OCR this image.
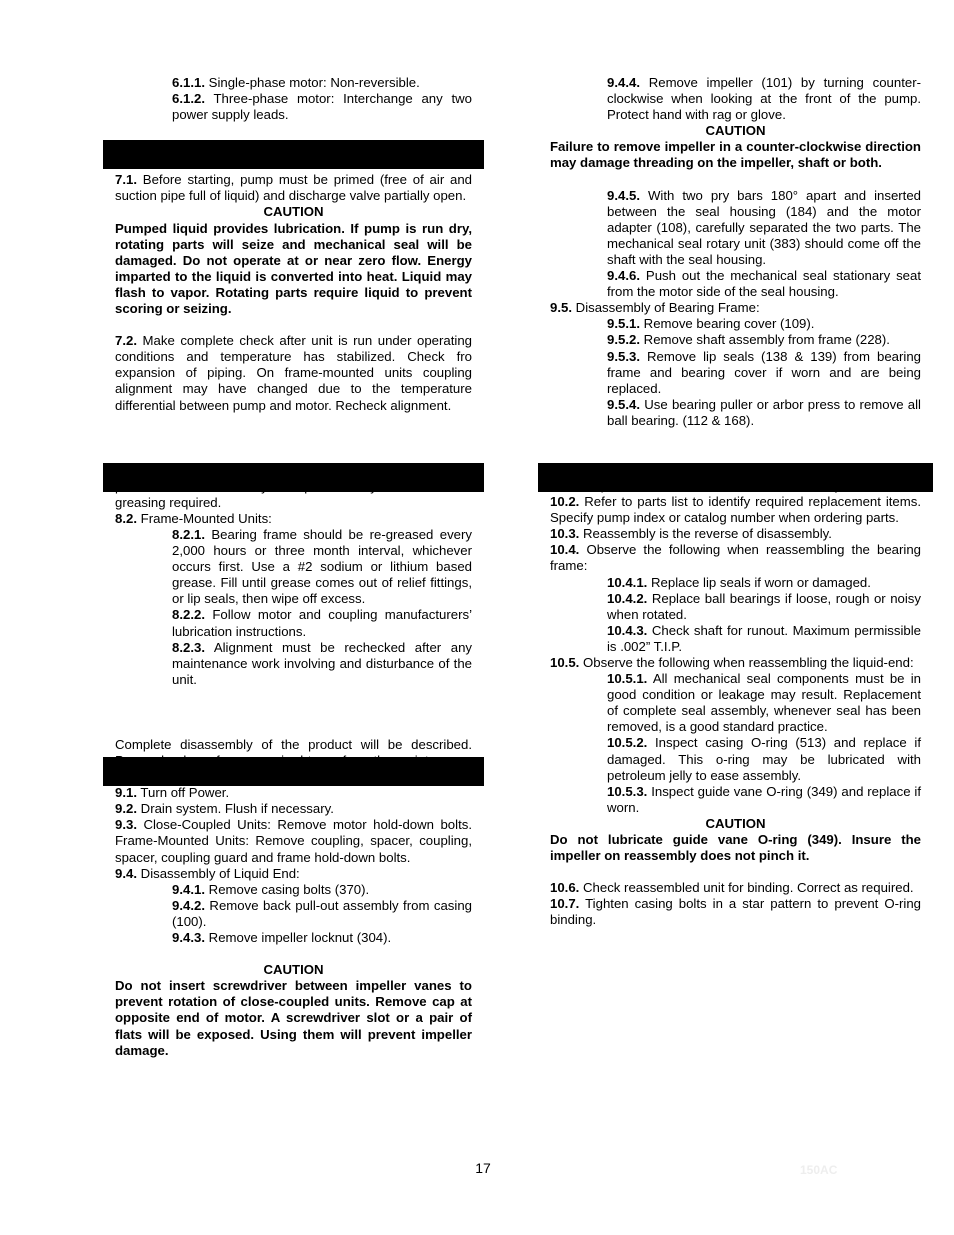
6.1.1. Single-phase motor: Non-reversible.

6.1.2. Three-phase motor: Interchange any two power supply leads.

7.1. Before starting, pump must be primed (free of air and suction pipe full of liquid) and discharge valve partially open.

CAUTION

Pumped liquid provides lubrication. If pump is run dry, rotating parts will seize and mechanical seal will be damaged. Do not operate at or near zero flow. Energy imparted to the liquid is converted into heat. Liquid may flash to vapor. Rotating parts require liquid to prevent scoring or seizing.

7.2. Make complete check after unit is run under operating conditions and temperature has stabilized. Check fro expansion of piping. On frame-mounted units coupling alignment may have changed due to the temperature differential between pump and motor. Recheck alignment.

8.1. Close-coupled Unit. Ball bearings are located in and are part of the motor. They are permanently lubricated. No greasing required.

8.2. Frame-Mounted Units:

8.2.1. Bearing frame should be re-greased every 2,000 hours or three month interval, whichever occurs first. Use a #2 sodium or lithium based grease. Fill until grease comes out of relief fittings, or lip seals, then wipe off excess.

8.2.2. Follow motor and coupling manufacturers’ lubrication instructions.

8.2.3. Alignment must be rechecked after any maintenance work involving and disturbance of the unit.

Complete disassembly of the product will be described. Proceed only as far as required to perform the maintenance work needed.

9.1. Turn off Power.

9.2. Drain system. Flush if necessary.

9.3. Close-Coupled Units: Remove motor hold-down bolts. Frame-Mounted Units: Remove coupling, spacer, coupling, spacer, coupling guard and frame hold-down bolts.

9.4. Disassembly of Liquid End:

9.4.1. Remove casing bolts (370).

9.4.2. Remove back pull-out assembly from casing (100).

9.4.3. Remove impeller locknut (304).

CAUTION

Do not insert screwdriver between impeller vanes to prevent rotation of close-coupled units. Remove cap at opposite end of motor. A screwdriver slot or a pair of flats will be exposed. Using them will prevent impeller damage.

9.4.4. Remove impeller (101) by turning counter-clockwise when looking at the front of the pump. Protect hand with rag or glove.

CAUTION

Failure to remove impeller in a counter-clockwise direction may damage threading on the impeller, shaft or both.

9.4.5. With two pry bars 180° apart and inserted between the seal housing (184) and the motor adapter (108), carefully separated the two parts. The mechanical seal rotary unit (383) should come off the shaft with the seal housing.

9.4.6. Push out the mechanical seal stationary seat from the motor side of the seal housing.

9.5. Disassembly of Bearing Frame:

9.5.1. Remove bearing cover (109).

9.5.2. Remove shaft assembly from frame (228).

9.5.3. Remove lip seals (138 & 139) from bearing frame and bearing cover if worn and are being replaced.

9.5.4. Use bearing puller or arbor press to remove all ball bearing. (112 & 168).

10.1. All parts should be cleaned before assembly.

10.2. Refer to parts list to identify required replacement items. Specify pump index or catalog number when ordering parts.

10.3. Reassembly is the reverse of disassembly.

10.4. Observe the following when reassembling the bearing frame:

10.4.1. Replace lip seals if worn or damaged.

10.4.2. Replace ball bearings if loose, rough or noisy when rotated.

10.4.3. Check shaft for runout. Maximum permissible is .002” T.I.P.

10.5. Observe the following when reassembling the liquid-end:

10.5.1. All mechanical seal components must be in good condition or leakage may result. Replacement of complete seal assembly, whenever seal has been removed, is a good standard practice.

10.5.2. Inspect casing O-ring (513) and replace if damaged. This o-ring may be lubricated with petroleum jelly to ease assembly.

10.5.3. Inspect guide vane O-ring (349) and replace if worn.

CAUTION

Do not lubricate guide vane O-ring (349). Insure the impeller on reassembly does not pinch it.

10.6. Check reassembled unit for binding. Correct as required.

10.7. Tighten casing bolts in a star pattern to prevent O-ring binding.

17	150AC
